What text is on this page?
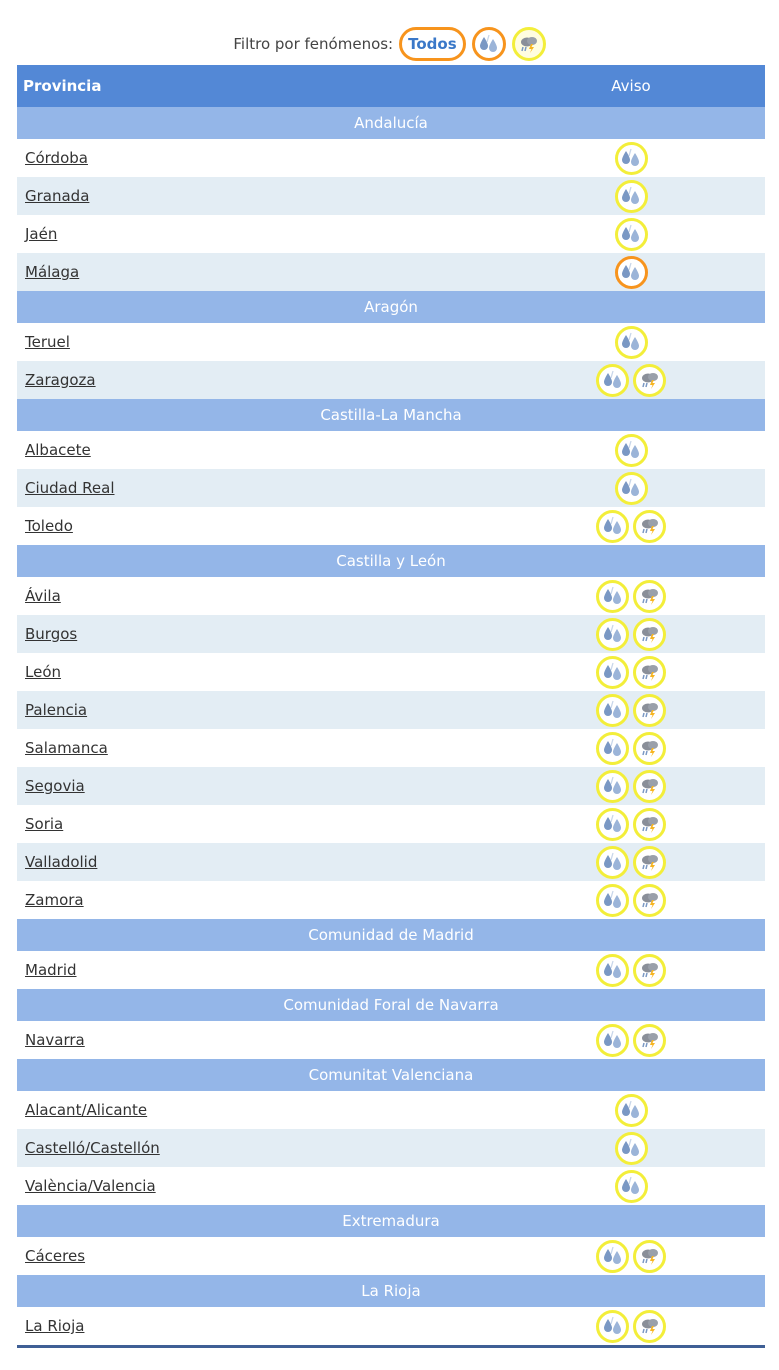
Filtro por fenómenos:	Todos
Provincia	Aviso
Andalucía
Córdoba
Granada
Jaén
Málaga
Aragón
Teruel
Zaragoza
Castilla-La Mancha
Albacete
Ciudad Real
Toledo
Castilla y León
Ávila
Burgos
León
Palencia
Salamanca
Segovia
Soria
Valladolid
Zamora
Comunidad de Madrid
Madrid
Comunidad Foral de Navarra
Navarra
Comunitat Valenciana
Alacant/Alicante
Castelló/Castellón
València/Valencia
Extremadura
Cáceres
La Rioja
La Rioja
